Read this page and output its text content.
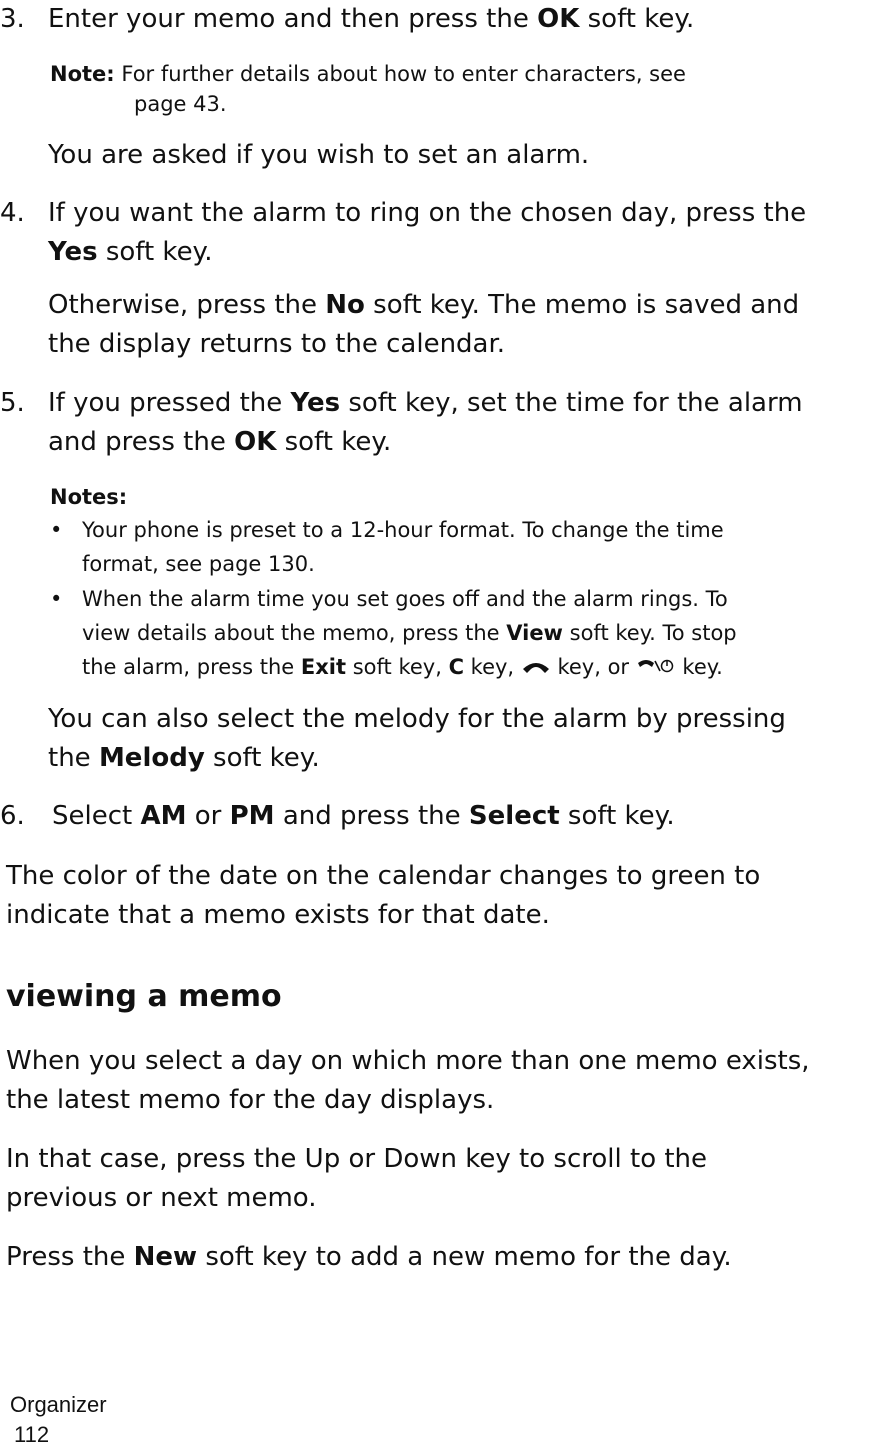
3. Enter your memo and then press the OK soft key.
Note: For further details about how to enter characters, see
page 43.
You are asked if you wish to set an alarm.
4. If you want the alarm to ring on the chosen day, press the
Yes soft key.
Otherwise, press the No soft key. The memo is saved and
the display returns to the calendar.
5. If you pressed the Yes soft key, set the time for the alarm
and press the OK soft key.
Notes:
• Your phone is preset to a 12-hour format. To change the time
format, see page 130.
• When the alarm time you set goes off and the alarm rings. To
view details about the memo, press the View soft key. To stop
the alarm, press the Exit soft key, C key,  key, or  key.
You can also select the melody for the alarm by pressing
the Melody soft key.
6.	Select AM or PM and press the Select soft key.
The color of the date on the calendar changes to green to
indicate that a memo exists for that date.
viewing a memo
When you select a day on which more than one memo exists,
the latest memo for the day displays.
In that case, press the Up or Down key to scroll to the
previous or next memo.
Press the New soft key to add a new memo for the day.
Organizer
112
